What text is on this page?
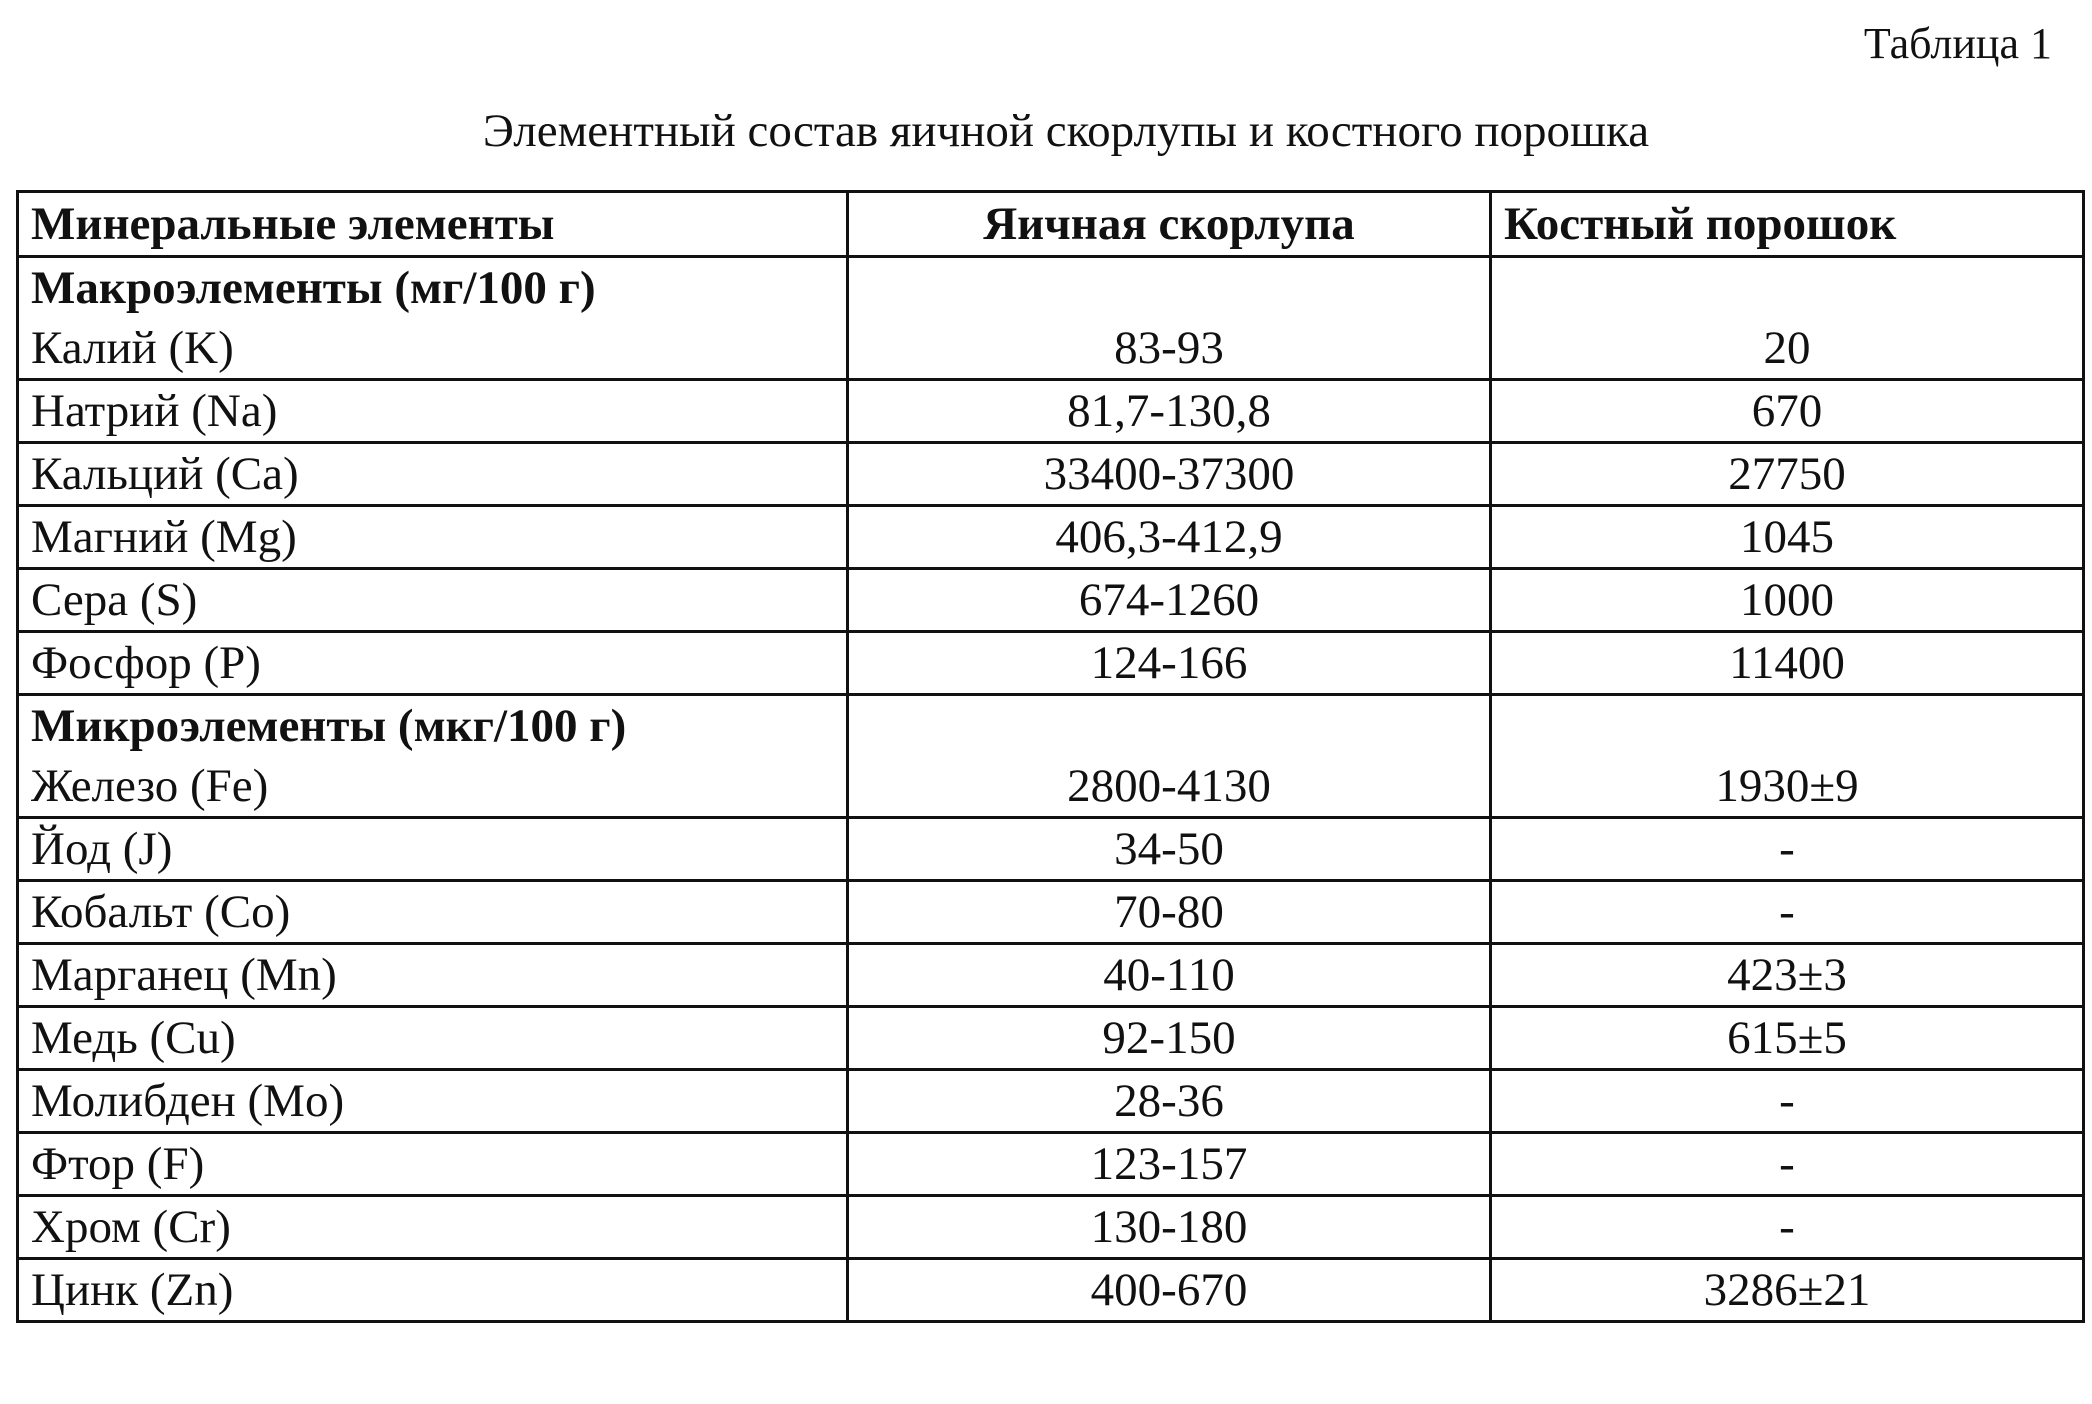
Таблица 1
Элементный состав яичной скорлупы и костного порошка
Минеральные элементы	Яичная скорлупа	Костный порошок

Макроэлементы (мг/100 г)
Калий (K)	83-93	20
Натрий (Na)	81,7-130,8	670
Кальций (Ca)	33400-37300	27750
Магний (Mg)	406,3-412,9	1045
Сера (S)	674-1260	1000
Фосфор (P)	124-166	11400

Микроэлементы (мкг/100 г)
Железо (Fe)	2800-4130	1930±9
Йод (J)	34-50	-
Кобальт (Co)	70-80	-
Марганец (Mn)	40-110	423±3
Медь (Cu)	92-150	615±5
Молибден (Mo)	28-36	-
Фтор (F)	123-157	-
Хром (Cr)	130-180	-
Цинк (Zn)	400-670	3286±21
